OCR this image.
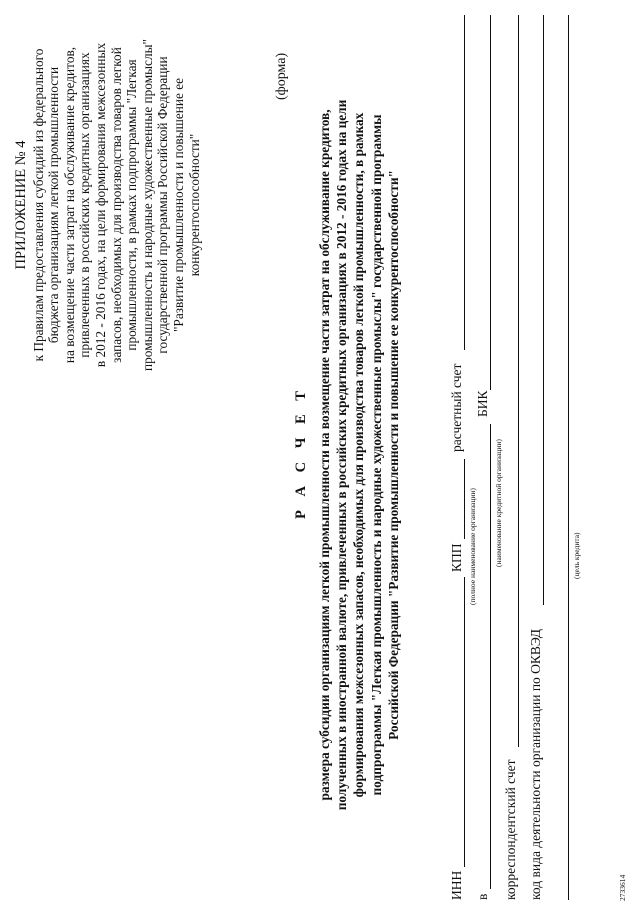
ПРИЛОЖЕНИЕ № 4 к Правилам предоставления субсидий из федерального бюджета организациям легкой промышленности на возмещение части затрат на обслуживание кредитов, привлеченных в российских кредитных организациях в 2012 - 2016 годах, на цели формирования межсезонных запасов, необходимых для производства товаров легкой промышленности, в рамках подпрограммы "Легкая промышленность и народные художественные промыслы" государственной программы Российской Федерации "Развитие промышленности и повышение ее конкурентоспособности"
(форма)
Р А С Ч Е Т размера субсидии организациям легкой промышленности на возмещение части затрат на обслуживание кредитов, полученных в иностранной валюте, привлеченных в российских кредитных организациях в 2012 - 2016 годах на цели формирования межсезонных запасов, необходимых для производства товаров легкой промышленности, в рамках подпрограммы "Легкая промышленность и народные художественные промыслы" государственной программы Российской Федерации "Развитие промышленности и повышение ее конкурентоспособности"
ИНН
КПП
расчетный счет
(полное наименование организации)
в
БИК
(наименование кредитной организации)
корреспондентский счет код вида деятельности организации по ОКВЭД
(цель кредита)
2733614
